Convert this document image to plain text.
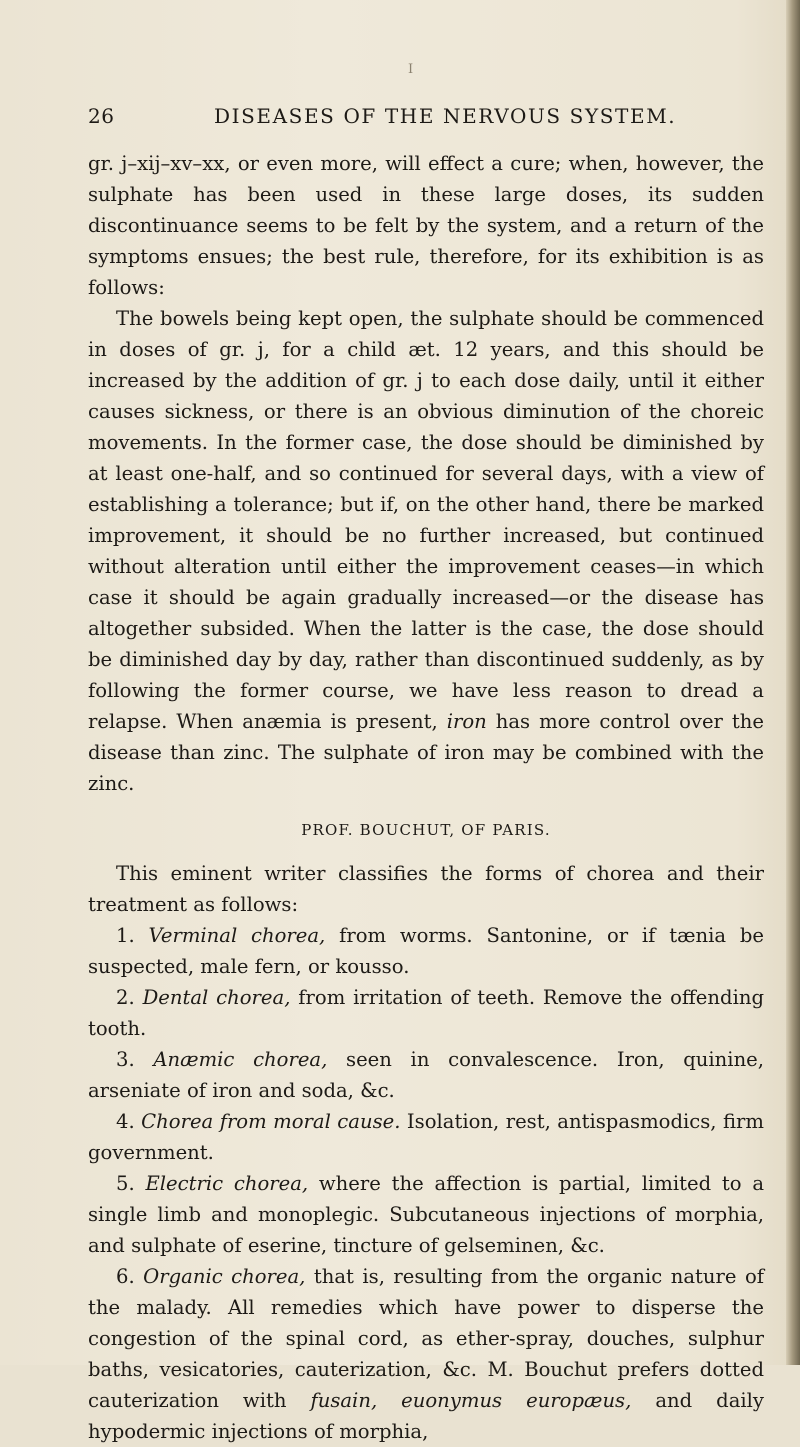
I
26	DISEASES OF THE NERVOUS SYSTEM.

gr. j–xij–xv–xx, or even more, will effect a cure; when, however, the sulphate has been used in these large doses, its sudden discontinuance seems to be felt by the system, and a return of the symptoms ensues; the best rule, therefore, for its exhibition is as follows:

The bowels being kept open, the sulphate should be commenced in doses of gr. j, for a child æt. 12 years, and this should be increased by the addition of gr. j to each dose daily, until it either causes sickness, or there is an obvious diminution of the choreic movements. In the former case, the dose should be diminished by at least one-half, and so continued for several days, with a view of establishing a tolerance; but if, on the other hand, there be marked improvement, it should be no further increased, but continued without alteration until either the improvement ceases—in which case it should be again gradually increased—or the disease has altogether subsided. When the latter is the case, the dose should be diminished day by day, rather than discontinued suddenly, as by following the former course, we have less reason to dread a relapse. When anæmia is present, iron has more control over the disease than zinc. The sulphate of iron may be combined with the zinc.

PROF. BOUCHUT, OF PARIS.

This eminent writer classifies the forms of chorea and their treatment as follows:

1. Verminal chorea, from worms. Santonine, or if tænia be suspected, male fern, or kousso.

2. Dental chorea, from irritation of teeth. Remove the offending tooth.

3. Anæmic chorea, seen in convalescence. Iron, quinine, arseniate of iron and soda, &c.

4. Chorea from moral cause. Isolation, rest, antispasmodics, firm government.

5. Electric chorea, where the affection is partial, limited to a single limb and monoplegic. Subcutaneous injections of morphia, and sulphate of eserine, tincture of gelseminen, &c.

6. Organic chorea, that is, resulting from the organic nature of the malady. All remedies which have power to disperse the congestion of the spinal cord, as ether-spray, douches, sulphur baths, vesicatories, cauterization, &c. M. Bouchut prefers dotted cauterization with fusain, euonymus europæus, and daily hypodermic injections of morphia,
